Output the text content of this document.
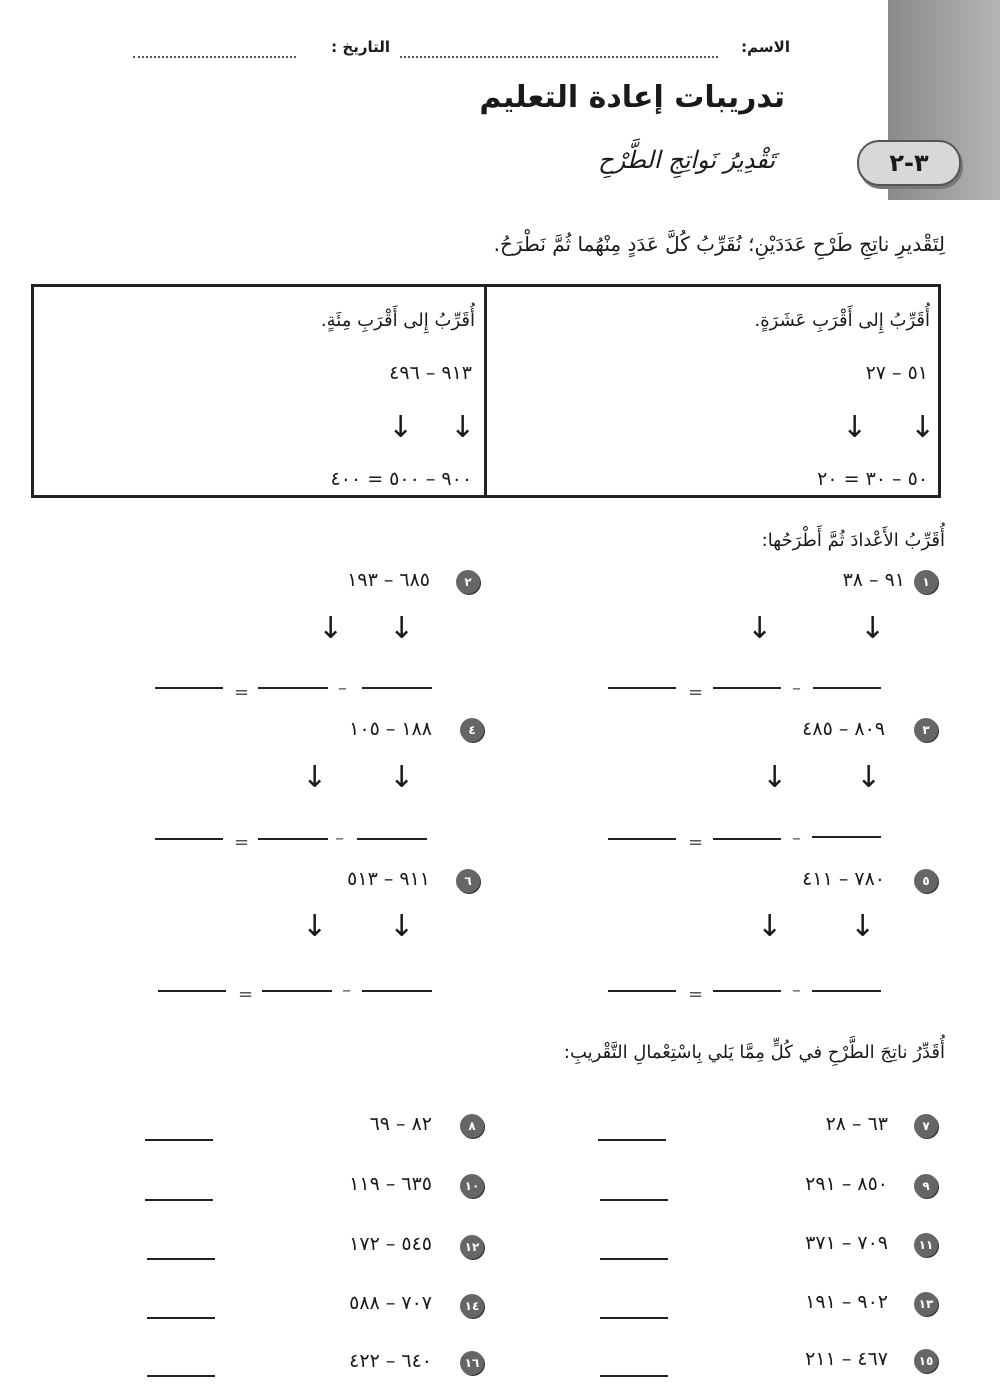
٣-٢
الاسم:
التاريخ :
تدريبات إعادة التعليم
تَقْدِيرُ نَواتِجِ الطَّرْحِ
لِتَقْديرِ ناتِجِ طَرْحِ عَدَدَيْنِ؛ نُقَرِّبُ كُلَّ عَدَدٍ مِنْهُما ثُمَّ نَطْرَحُ.
أُقَرِّبُ إِلى أَقْرَبِ عَشَرَةٍ.
٥١ – ٢٧
↓
↓
٥٠ – ٣٠ = ٢٠
أُقَرِّبُ إِلى أَقْرَبِ مِئَةٍ.
٩١٣ – ٤٩٦
↓
↓
٩٠٠ – ٥٠٠ = ٤٠٠
أُقَرِّبُ الأَعْدادَ ثُمَّ أَطْرَحُها:
١
٩١ – ٣٨
↓
↓
–
=
٢
٦٨٥ – ١٩٣
↓
↓
–
=
٣
٨٠٩ – ٤٨٥
↓
↓
–
=
٤
١٨٨ – ١٠٥
↓
↓
–
=
٥
٧٨٠ – ٤١١
↓
↓
–
=
٦
٩١١ – ٥١٣
↓
↓
–
=
أُقَدِّرُ ناتِجَ الطَّرْحِ في كُلٍّ مِمَّا يَلي بِاسْتِعْمالِ التَّقْريبِ:
٧
٦٣ – ٢٨
٨
٨٢ – ٦٩
٩
٨٥٠ – ٢٩١
١٠
٦٣٥ – ١١٩
١١
٧٠٩ – ٣٧١
١٢
٥٤٥ – ١٧٢
١٣
٩٠٢ – ١٩١
١٤
٧٠٧ – ٥٨٨
١٥
٤٦٧ – ٢١١
١٦
٦٤٠ – ٤٢٢
